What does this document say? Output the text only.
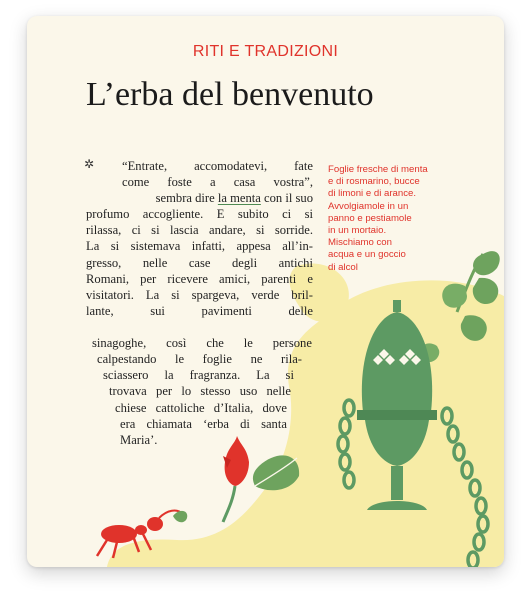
RITI E TRADIZIONI
L’erba del benvenuto
✲ “Entrate, accomodatevi, fate
come foste a casa vostra”,
sembra dire la menta con il suo
profumo accogliente. E subito ci si
rilassa, ci si lascia andare, si sorride.
La si sistemava infatti, appesa all’in-
gresso, nelle case degli antichi
Romani, per ricevere amici, parenti e
visitatori. La si spargeva, verde bril-
lante,	sui	pavimenti	delle
sinagoghe, così che le persone
calpestando le foglie ne rila-
sciassero la fragranza. La si
trovava per lo stesso uso nelle
chiese cattoliche d’Italia, dove
era chiamata ‘erba di santa
Maria’.
Foglie fresche di menta
e di rosmarino, bucce
di limoni e di arance.
Avvolgiamole in un
panno e pestiamole
in un mortaio.
Mischiamo con
acqua e un goccio
di alcol
